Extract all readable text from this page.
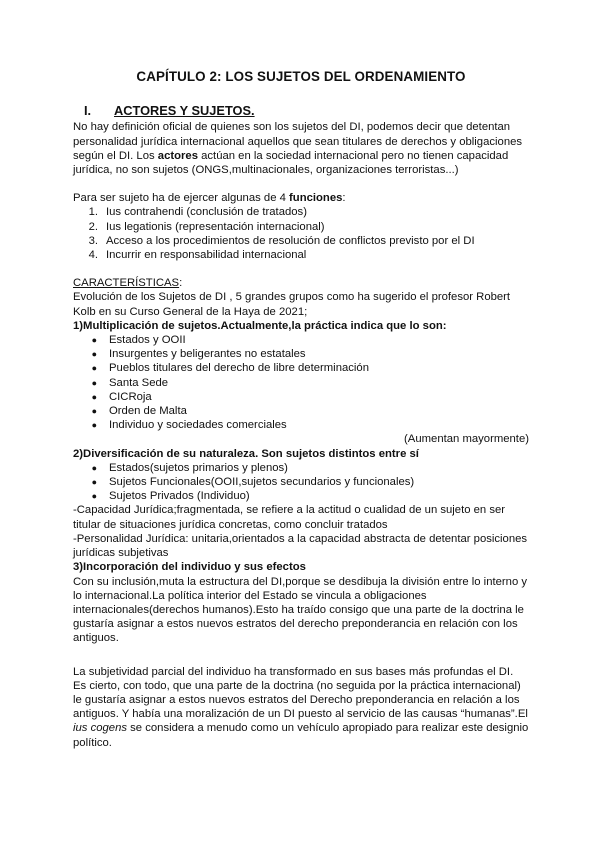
CAPÍTULO 2: LOS SUJETOS DEL ORDENAMIENTO
I.	ACTORES Y SUJETOS.

No hay definición oficial de quienes son los sujetos del DI, podemos decir que detentan personalidad jurídica internacional aquellos que sean titulares de derechos y obligaciones según el DI. Los actores actúan en la sociedad internacional pero no tienen capacidad jurídica, no son sujetos (ONGS,multinacionales, organizaciones terroristas...)

Para ser sujeto ha de ejercer algunas de 4 funciones:

1. Ius contrahendi (conclusión de tratados)
2. Ius legationis (representación internacional)
3. Acceso a los procedimientos de resolución de conflictos previsto por el DI
4. Incurrir en responsabilidad internacional

CARACTERÍSTICAS:

Evolución de los Sujetos de DI , 5 grandes grupos como ha sugerido el profesor Robert Kolb en su Curso General de la Haya de 2021;

1)Multiplicación de sujetos.Actualmente,la práctica indica que lo son:

●	Estados y OOII
●	Insurgentes y beligerantes no estatales
●	Pueblos titulares del derecho de libre determinación
●	Santa Sede
●	CICRoja
●	Orden de Malta
●	Individuo y sociedades comerciales

(Aumentan mayormente)

2)Diversificación de su naturaleza. Son sujetos distintos entre sí

●	Estados(sujetos primarios y plenos)
●	Sujetos Funcionales(OOII,sujetos secundarios y funcionales)
●	Sujetos Privados (Individuo)

-Capacidad Jurídica;fragmentada, se refiere a la actitud o cualidad de un sujeto en ser titular de situaciones jurídica concretas, como concluir tratados

-Personalidad Jurídica: unitaria,orientados a la capacidad abstracta de detentar posiciones jurídicas subjetivas

3)Incorporación del individuo y sus efectos

Con su inclusión,muta la estructura del DI,porque se desdibuja la división entre lo interno y lo internacional.La política interior del Estado se vincula a obligaciones internacionales(derechos humanos).Esto ha traído consigo que una parte de la doctrina le gustaría asignar a estos nuevos estratos del derecho preponderancia en relación con los antiguos.

La subjetividad parcial del individuo ha transformado en sus bases más profundas el DI. Es cierto, con todo, que una parte de la doctrina (no seguida por la práctica internacional) le gustaría asignar a estos nuevos estratos del Derecho preponderancia en relación a los antiguos. Y había una moralización de un DI puesto al servicio de las causas “humanas”.El ius cogens se considera a menudo como un vehículo apropiado para realizar este designio político.
